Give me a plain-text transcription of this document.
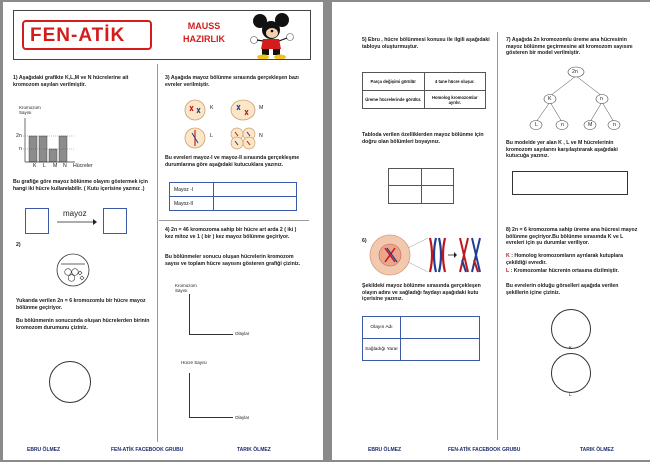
FEN-ATİK	MAUSS
HAZIRLIK
1) Aşağıdaki grafikte K,L,M ve N hücrelerine ait kromozom sayıları verilmiştir.
Kromozom Sayısı
2n
n
K L M N Hücreler
Bu grafiğe göre mayoz bölünme olayını göstermek için hangi iki hücre kullanılabilir. ( Kutu içerisine yazınız .)
mayoz
2)
Yukarıda verilen 2n = 6 kromozomlu bir hücre mayoz bölünme geçiriyor.
Bu bölünmenin sonucunda oluşan hücrelerden birinin kromozom durumunu çiziniz.
3) Aşağıda mayoz bölünme sırasında gerçekleşen bazı evreler verilmiştir.
K	M
L	N
Bu evreleri mayoz-I ve mayoz-II sırasında gerçekleşme durumlarına göre aşağıdaki kutucuklara yazınız.
Mayoz -I	
Mayoz-II	
4) 2n = 46 kromozoma sahip bir hücre art arda 2 ( iki ) kez mitoz ve 1 ( bir ) kez mayoz bölünme geçiriyor.
Bu bölünmeler sonucu oluşan hücrelerin kromozom sayısı ve toplam hücre sayısını gösteren grafiği çiziniz.
Kromozom Sayısı
Olaylar
Hücre Sayısı
Olaylar
EBRU ÖLMEZ	FEN-ATİK FACEBOOK GRUBU	TARIK ÖLMEZ
5) Ebru , hücre bölünmesi konusu ile ilgili aşağıdaki tabloyu oluşturmuştur.
Parça değişimi görülür	4 tane hücre oluşur.
Üreme hücrelerinde görülür.	Homolog kromozomlar ayrılır.
Tabloda verilen özelliklerden mayoz bölünme için doğru olan bölümleri boyayınız.
6)
Şekildeki mayoz bölünme sırasında gerçekleşen olayın adını ve sağladığı faydayı aşağıdaki kutu içerisine yazınız.
Olayın Adı	
Sağladığı Yarar	
7) Aşağıda 2n kromozomlu üreme ana hücresinin mayoz bölünme geçirmesine ait kromozom sayısını gösteren bir model verilmiştir.
2n
K	n
L	n	M	n
Bu modelde yer alan K , L ve M hücrelerinin kromozom sayılarını karşılaştırarak aşağıdaki kutucuğa yazınız.
8) 2n = 6 kromozoma sahip üreme ana hücresi mayoz bölünme geçiriyor.Bu bölünme sırasında K ve L evreleri için şu durumlar veriliyor.
K : Homolog kromozomların ayrılarak kutuplara çekildiği evredir.
L : Kromozomlar hücrenin ortasına dizilmiştir.
Bu evrelerin olduğu görselleri aşağıda verilen şekillerin içine çiziniz.
K
L
EBRU ÖLMEZ	FEN-ATİK FACEBOOK GRUBU	TARIK ÖLMEZ
